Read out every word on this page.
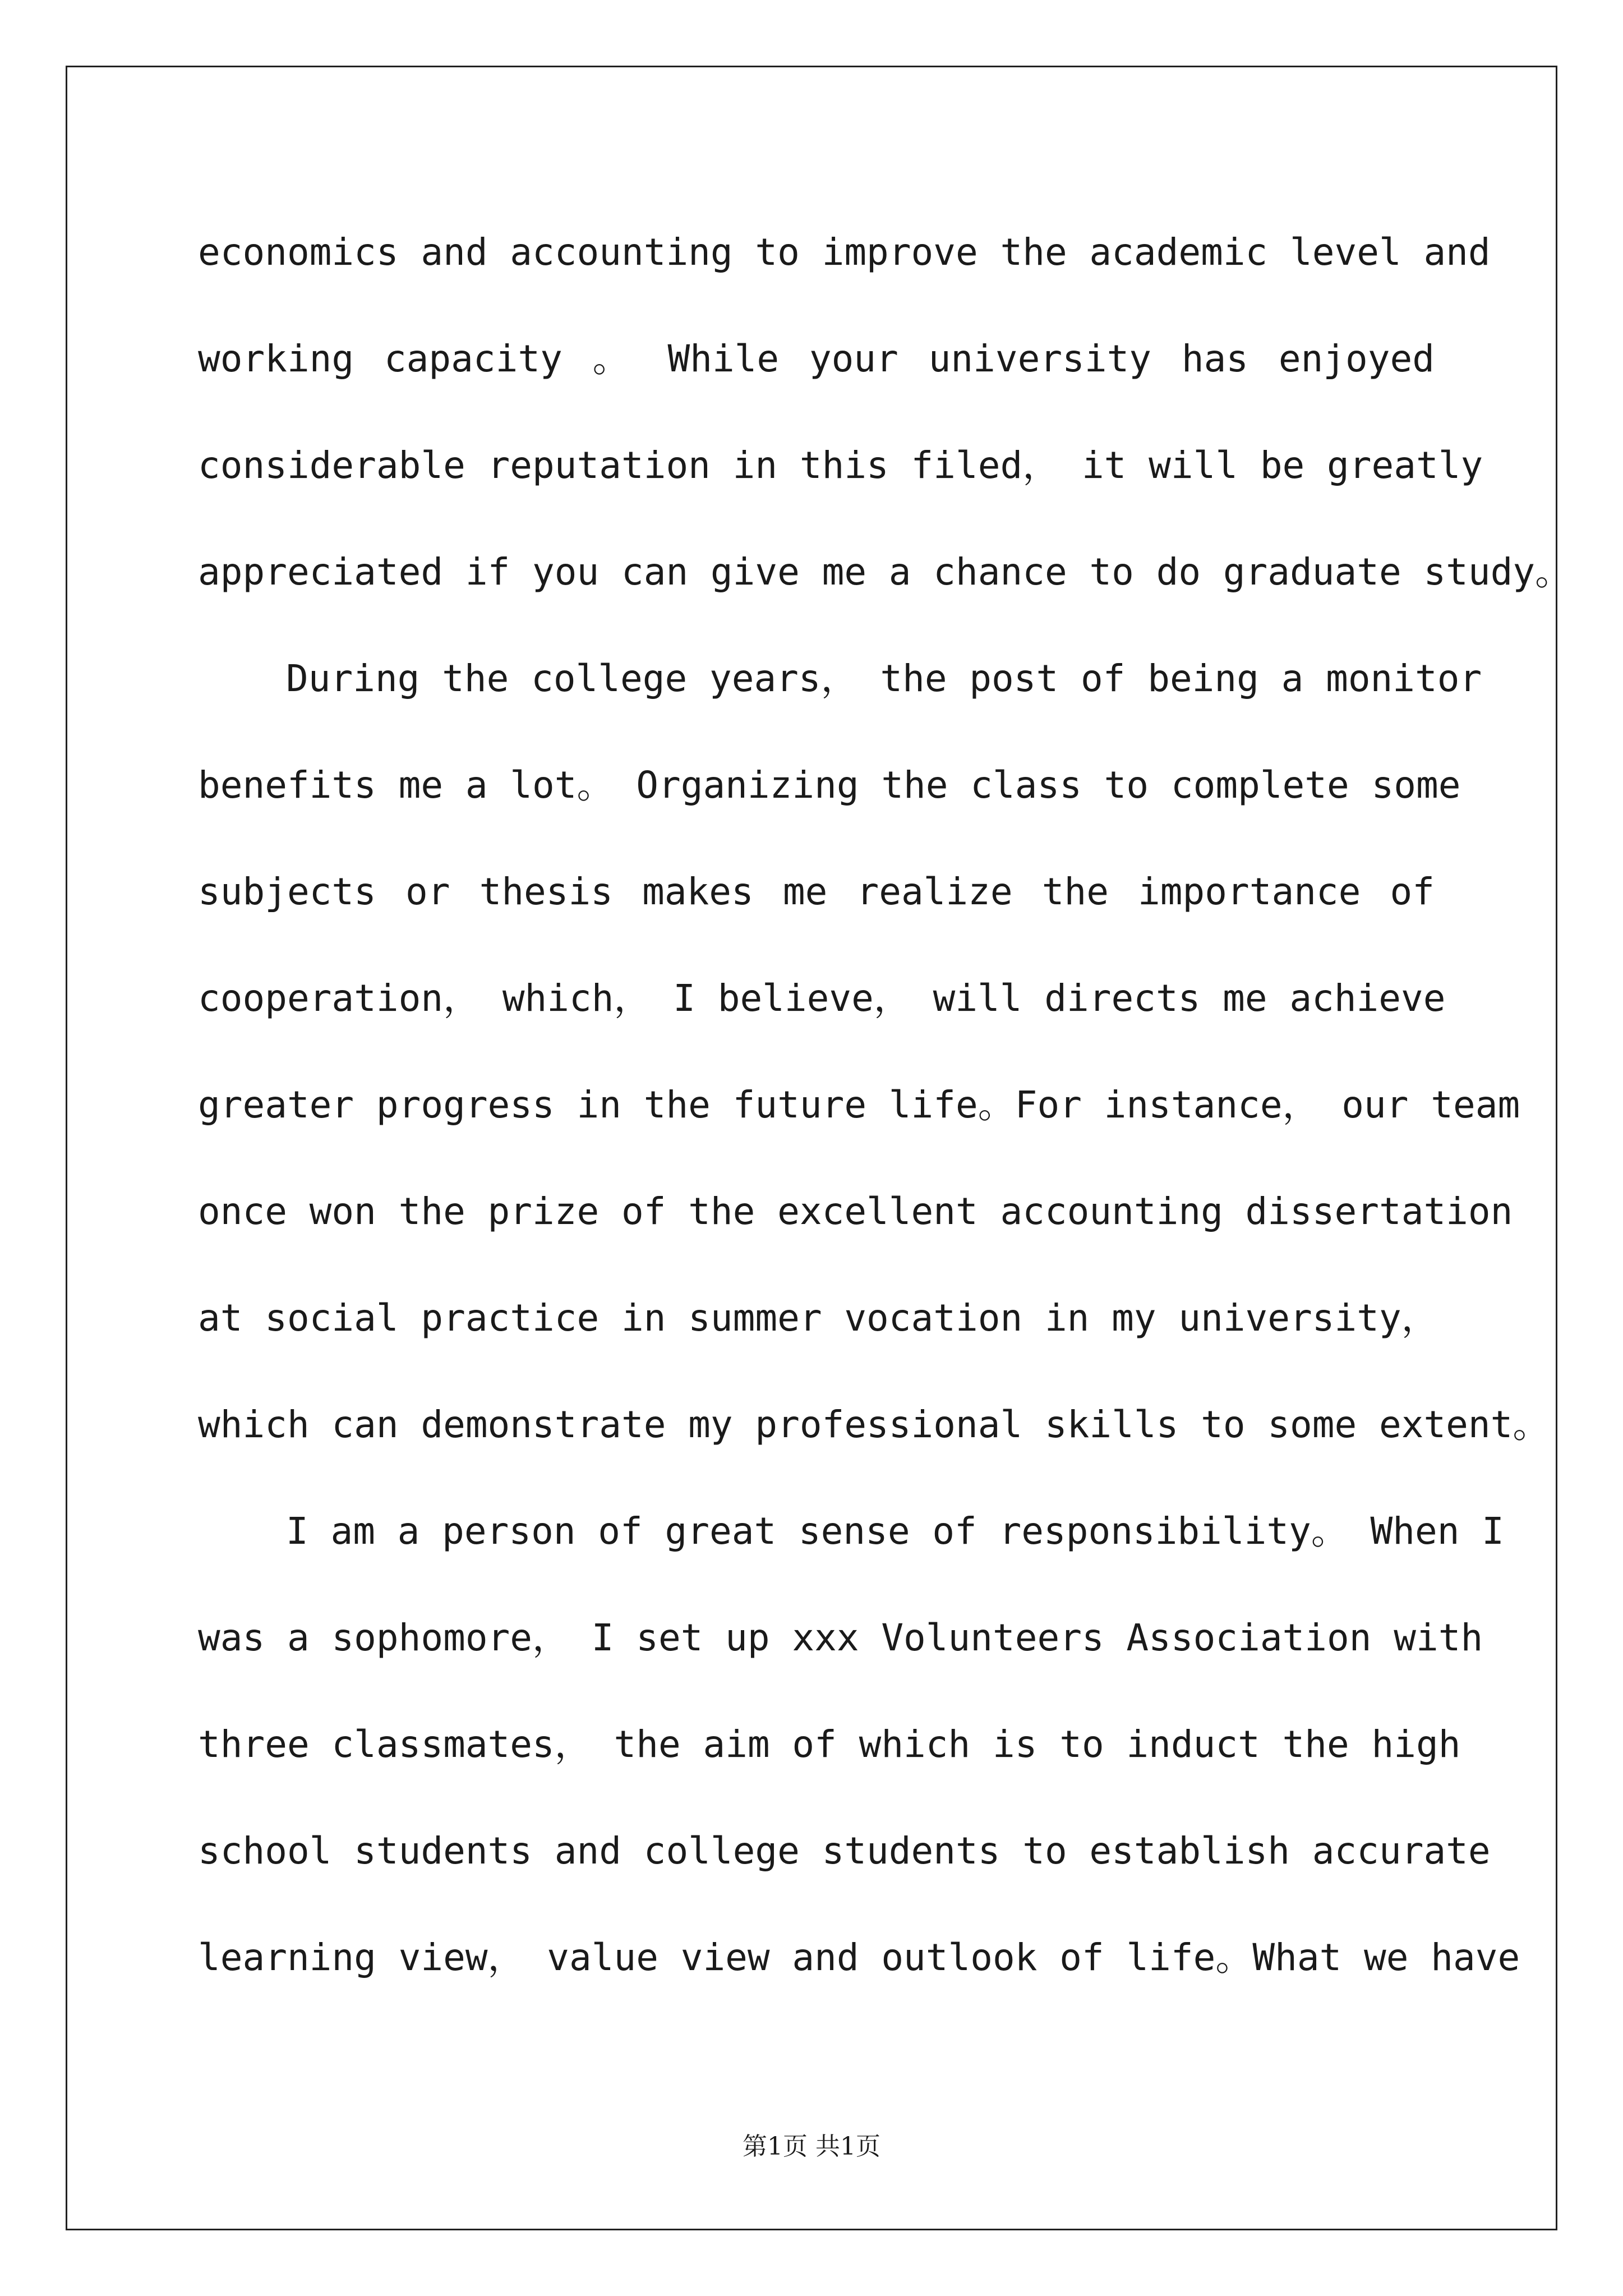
economics and accounting to improve the academic level and
working capacity 。 While your university has enjoyed
considerable reputation in this filed， it will be greatly
appreciated if you can give me a chance to do graduate study。
During the college years， the post of being a monitor
benefits me a lot。 Organizing the class to complete some
subjects or thesis makes me realize the importance of
cooperation， which， I believe， will directs me achieve
greater progress in the future life。For instance， our team
once won the prize of the excellent accounting dissertation
at social practice in summer vocation in my university，
which can demonstrate my professional skills to some extent。
I am a person of great sense of responsibility。 When I
was a sophomore， I set up xxx Volunteers Association with
three classmates， the aim of which is to induct the high
school students and college students to establish accurate
learning view， value view and outlook of life。What we have
第1页 共1页
